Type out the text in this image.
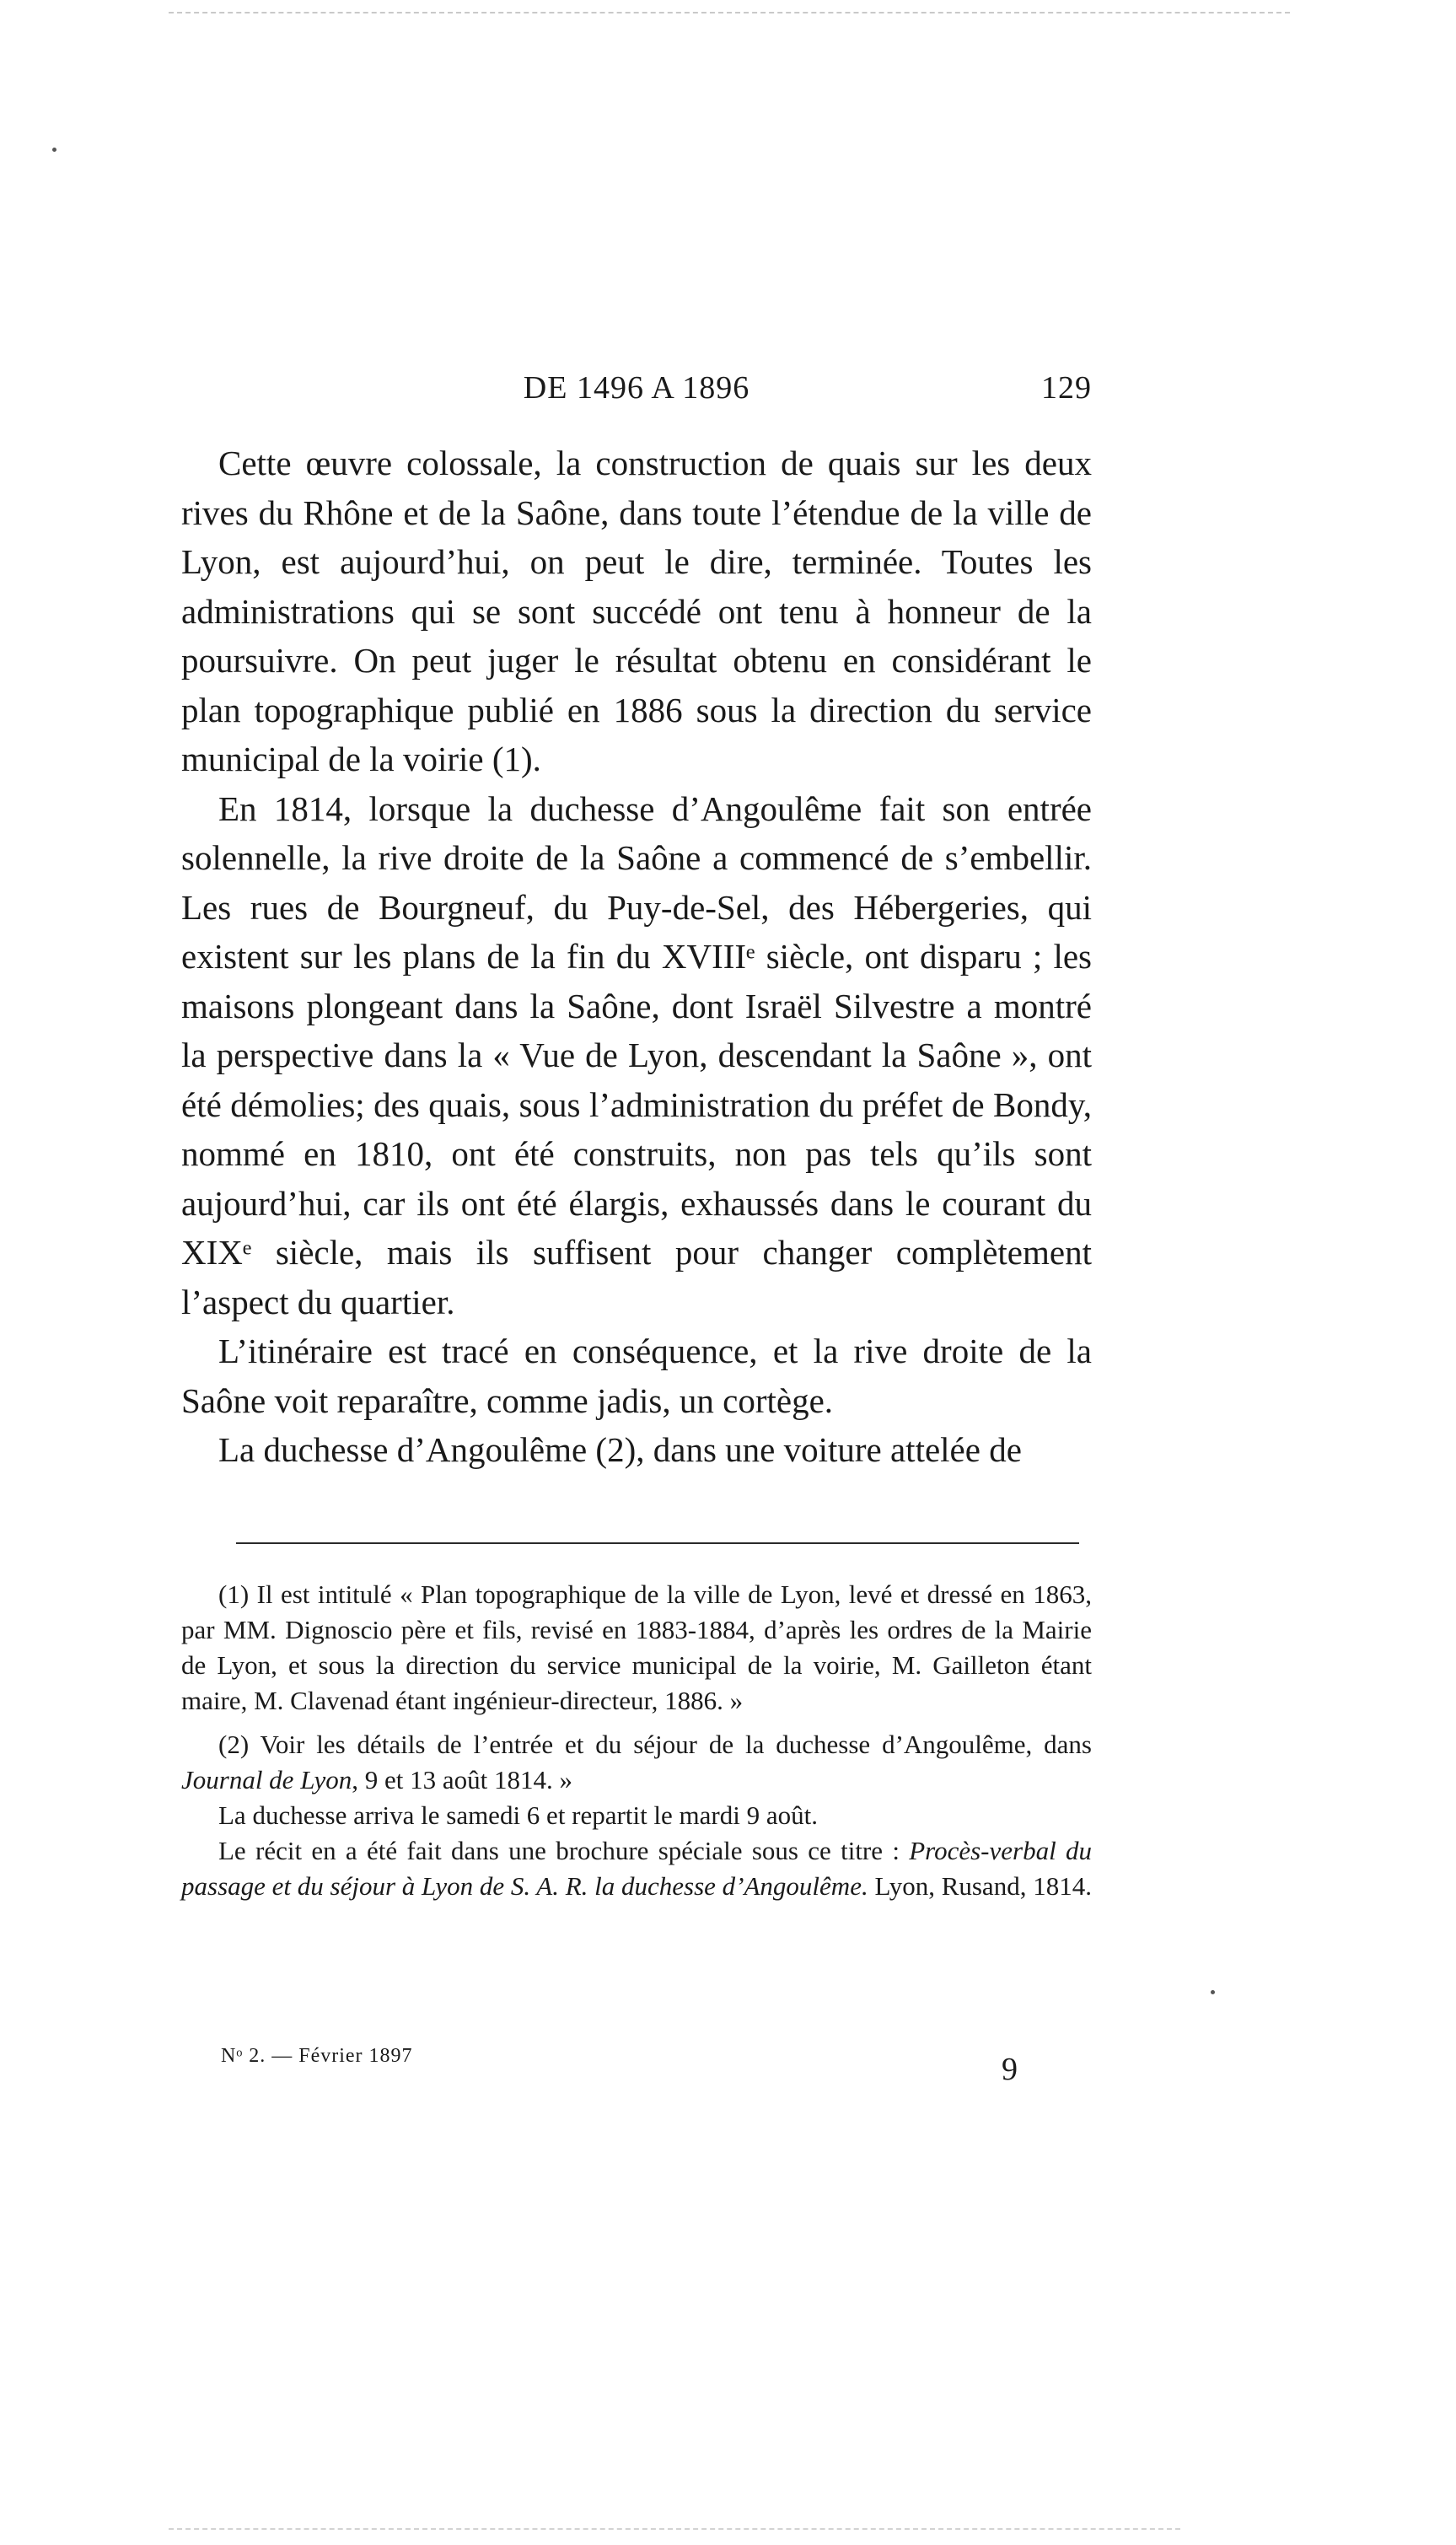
DE 1496 A 1896	129

Cette œuvre colossale, la construction de quais sur les deux rives du Rhône et de la Saône, dans toute l’étendue de la ville de Lyon, est aujourd’hui, on peut le dire, terminée. Toutes les administrations qui se sont succédé ont tenu à honneur de la poursuivre. On peut juger le résultat obtenu en considérant le plan topographique publié en 1886 sous la direction du service municipal de la voirie (1).

En 1814, lorsque la duchesse d’Angoulême fait son entrée solennelle, la rive droite de la Saône a commencé de s’embellir. Les rues de Bourgneuf, du Puy-de-Sel, des Hébergeries, qui existent sur les plans de la fin du XVIIIᵉ siècle, ont disparu ; les maisons plongeant dans la Saône, dont Israël Silvestre a montré la perspective dans la « Vue de Lyon, descendant la Saône », ont été démolies; des quais, sous l’administration du préfet de Bondy, nommé en 1810, ont été construits, non pas tels qu’ils sont aujourd’hui, car ils ont été élargis, exhaussés dans le courant du XIXᵉ siècle, mais ils suffisent pour changer complètement l’aspect du quartier.

L’itinéraire est tracé en conséquence, et la rive droite de la Saône voit reparaître, comme jadis, un cortège.

La duchesse d’Angoulême (2), dans une voiture attelée de

(1) Il est intitulé « Plan topographique de la ville de Lyon, levé et dressé en 1863, par MM. Dignoscio père et fils, revisé en 1883-1884, d’après les ordres de la Mairie de Lyon, et sous la direction du service municipal de la voirie, M. Gailleton étant maire, M. Clavenad étant ingénieur-directeur, 1886. »

(2) Voir les détails de l’entrée et du séjour de la duchesse d’Angoulême, dans Journal de Lyon, 9 et 13 août 1814. »

La duchesse arriva le samedi 6 et repartit le mardi 9 août.

Le récit en a été fait dans une brochure spéciale sous ce titre : Procès-verbal du passage et du séjour à Lyon de S. A. R. la duchesse d’Angoulême. Lyon, Rusand, 1814.

Nᵒ 2. — Février 1897	9
